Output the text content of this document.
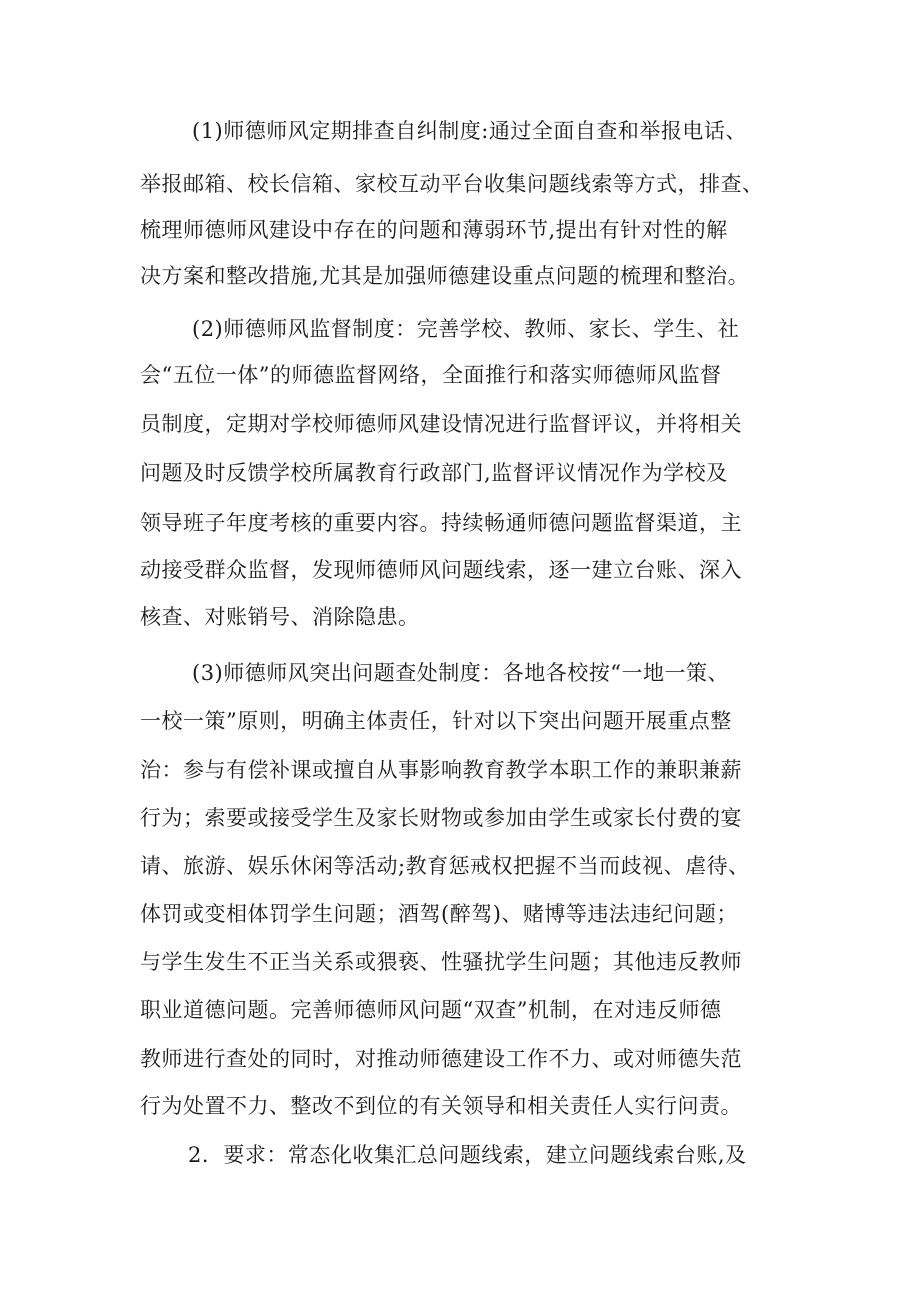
(1)师德师风定期排查自纠制度:通过全面自查和举报电话、
举报邮箱、校长信箱、家校互动平台收集问题线索等方式，排查、
梳理师德师风建设中存在的问题和薄弱环节,提出有针对性的解
决方案和整改措施,尤其是加强师德建设重点问题的梳理和整治。
(2)师德师风监督制度：完善学校、教师、家长、学生、社
会“五位一体”的师德监督网络，全面推行和落实师德师风监督
员制度，定期对学校师德师风建设情况进行监督评议，并将相关
问题及时反馈学校所属教育行政部门,监督评议情况作为学校及
领导班子年度考核的重要内容。持续畅通师德问题监督渠道，主
动接受群众监督，发现师德师风问题线索，逐一建立台账、深入
核查、对账销号、消除隐患。
(3)师德师风突出问题查处制度：各地各校按“一地一策、
一校一策”原则，明确主体责任，针对以下突出问题开展重点整
治：参与有偿补课或擅自从事影响教育教学本职工作的兼职兼薪
行为；索要或接受学生及家长财物或参加由学生或家长付费的宴
请、旅游、娱乐休闲等活动;教育惩戒权把握不当而歧视、虐待、
体罚或变相体罚学生问题；酒驾(醉驾)、赌博等违法违纪问题；
与学生发生不正当关系或猥亵、性骚扰学生问题；其他违反教师
职业道德问题。完善师德师风问题“双查”机制，在对违反师德
教师进行查处的同时，对推动师德建设工作不力、或对师德失范
行为处置不力、整改不到位的有关领导和相关责任人实行问责。
2．要求：常态化收集汇总问题线索，建立问题线索台账,及
